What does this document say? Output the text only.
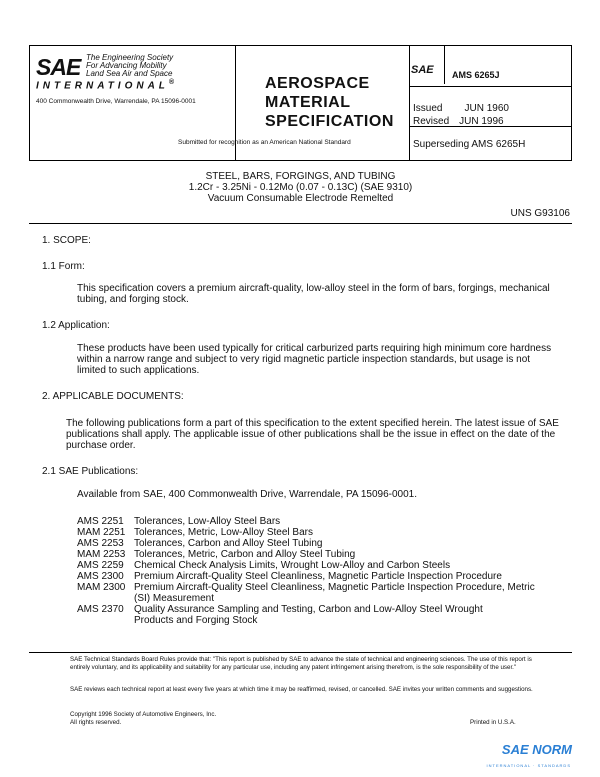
SAE The Engineering Society
For Advancing Mobility
Land Sea Air and Space
INTERNATIONAL®
400 Commonwealth Drive, Warrendale, PA 15096-0001
AEROSPACE
MATERIAL
SPECIFICATION
Submitted for recognition as an American National Standard
SAE AMS 6265J
Issued JUN 1960
Revised JUN 1996
Superseding AMS 6265H
STEEL, BARS, FORGINGS, AND TUBING
1.2Cr - 3.25Ni - 0.12Mo (0.07 - 0.13C) (SAE 9310)
Vacuum Consumable Electrode Remelted
UNS G93106
1. SCOPE:
1.1 Form:
This specification covers a premium aircraft-quality, low-alloy steel in the form of bars, forgings, mechanical tubing, and forging stock.
1.2 Application:
These products have been used typically for critical carburized parts requiring high minimum core hardness within a narrow range and subject to very rigid magnetic particle inspection standards, but usage is not limited to such applications.
2. APPLICABLE DOCUMENTS:
The following publications form a part of this specification to the extent specified herein. The latest issue of SAE publications shall apply. The applicable issue of other publications shall be the issue in effect on the date of the purchase order.
2.1 SAE Publications:
Available from SAE, 400 Commonwealth Drive, Warrendale, PA 15096-0001.
AMS 2251	Tolerances, Low-Alloy Steel Bars
MAM 2251 Tolerances, Metric, Low-Alloy Steel Bars
AMS 2253	Tolerances, Carbon and Alloy Steel Tubing
MAM 2253 Tolerances, Metric, Carbon and Alloy Steel Tubing
AMS 2259	Chemical Check Analysis Limits, Wrought Low-Alloy and Carbon Steels
AMS 2300	Premium Aircraft-Quality Steel Cleanliness, Magnetic Particle Inspection Procedure
MAM 2300 Premium Aircraft-Quality Steel Cleanliness, Magnetic Particle Inspection Procedure, Metric (SI) Measurement
AMS 2370	Quality Assurance Sampling and Testing, Carbon and Low-Alloy Steel Wrought Products and Forging Stock
SAE Technical Standards Board Rules provide that: "This report is published by SAE to advance the state of technical and engineering sciences. The use of this report is entirely voluntary, and its applicability and suitability for any particular use, including any patent infringement arising therefrom, is the sole responsibility of the user."
SAE reviews each technical report at least every five years at which time it may be reaffirmed, revised, or cancelled. SAE invites your written comments and suggestions.
Copyright 1996 Society of Automotive Engineers, Inc.
All rights reserved.	Printed in U.S.A.
SAE NORM
INTERNATIONAL · STANDARDS
